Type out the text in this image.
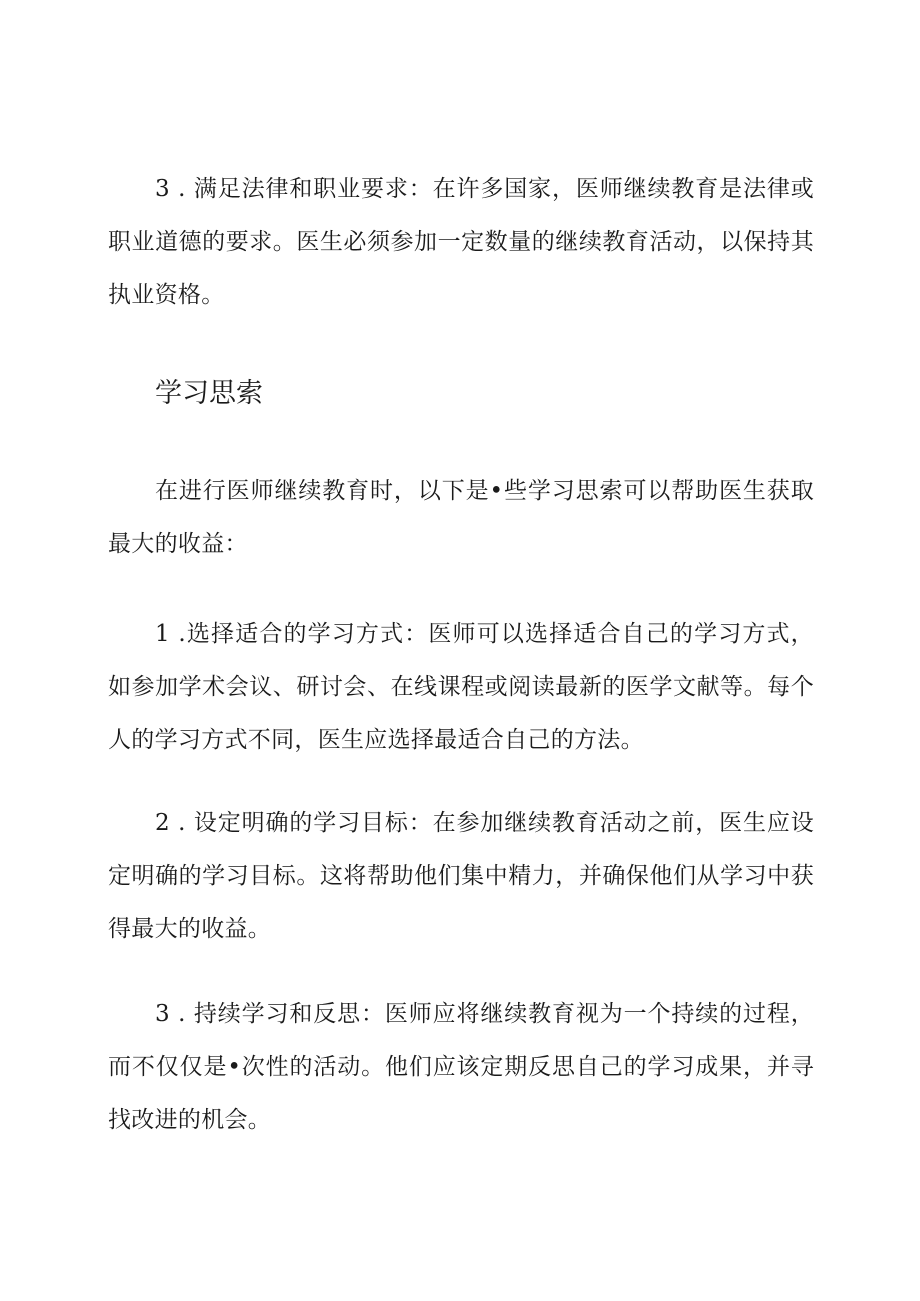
3 . 满足法律和职业要求：在许多国家，医师继续教育是法律或职业道德的要求。医生必须参加一定数量的继续教育活动，以保持其执业资格。

学习思索

在进行医师继续教育时，以下是•些学习思索可以帮助医生获取最大的收益：

1 .选择适合的学习方式：医师可以选择适合自己的学习方式，如参加学术会议、研讨会、在线课程或阅读最新的医学文献等。每个人的学习方式不同，医生应选择最适合自己的方法。

2 . 设定明确的学习目标：在参加继续教育活动之前，医生应设定明确的学习目标。这将帮助他们集中精力，并确保他们从学习中获得最大的收益。

3 . 持续学习和反思：医师应将继续教育视为一个持续的过程，而不仅仅是•次性的活动。他们应该定期反思自己的学习成果，并寻找改进的机会。
